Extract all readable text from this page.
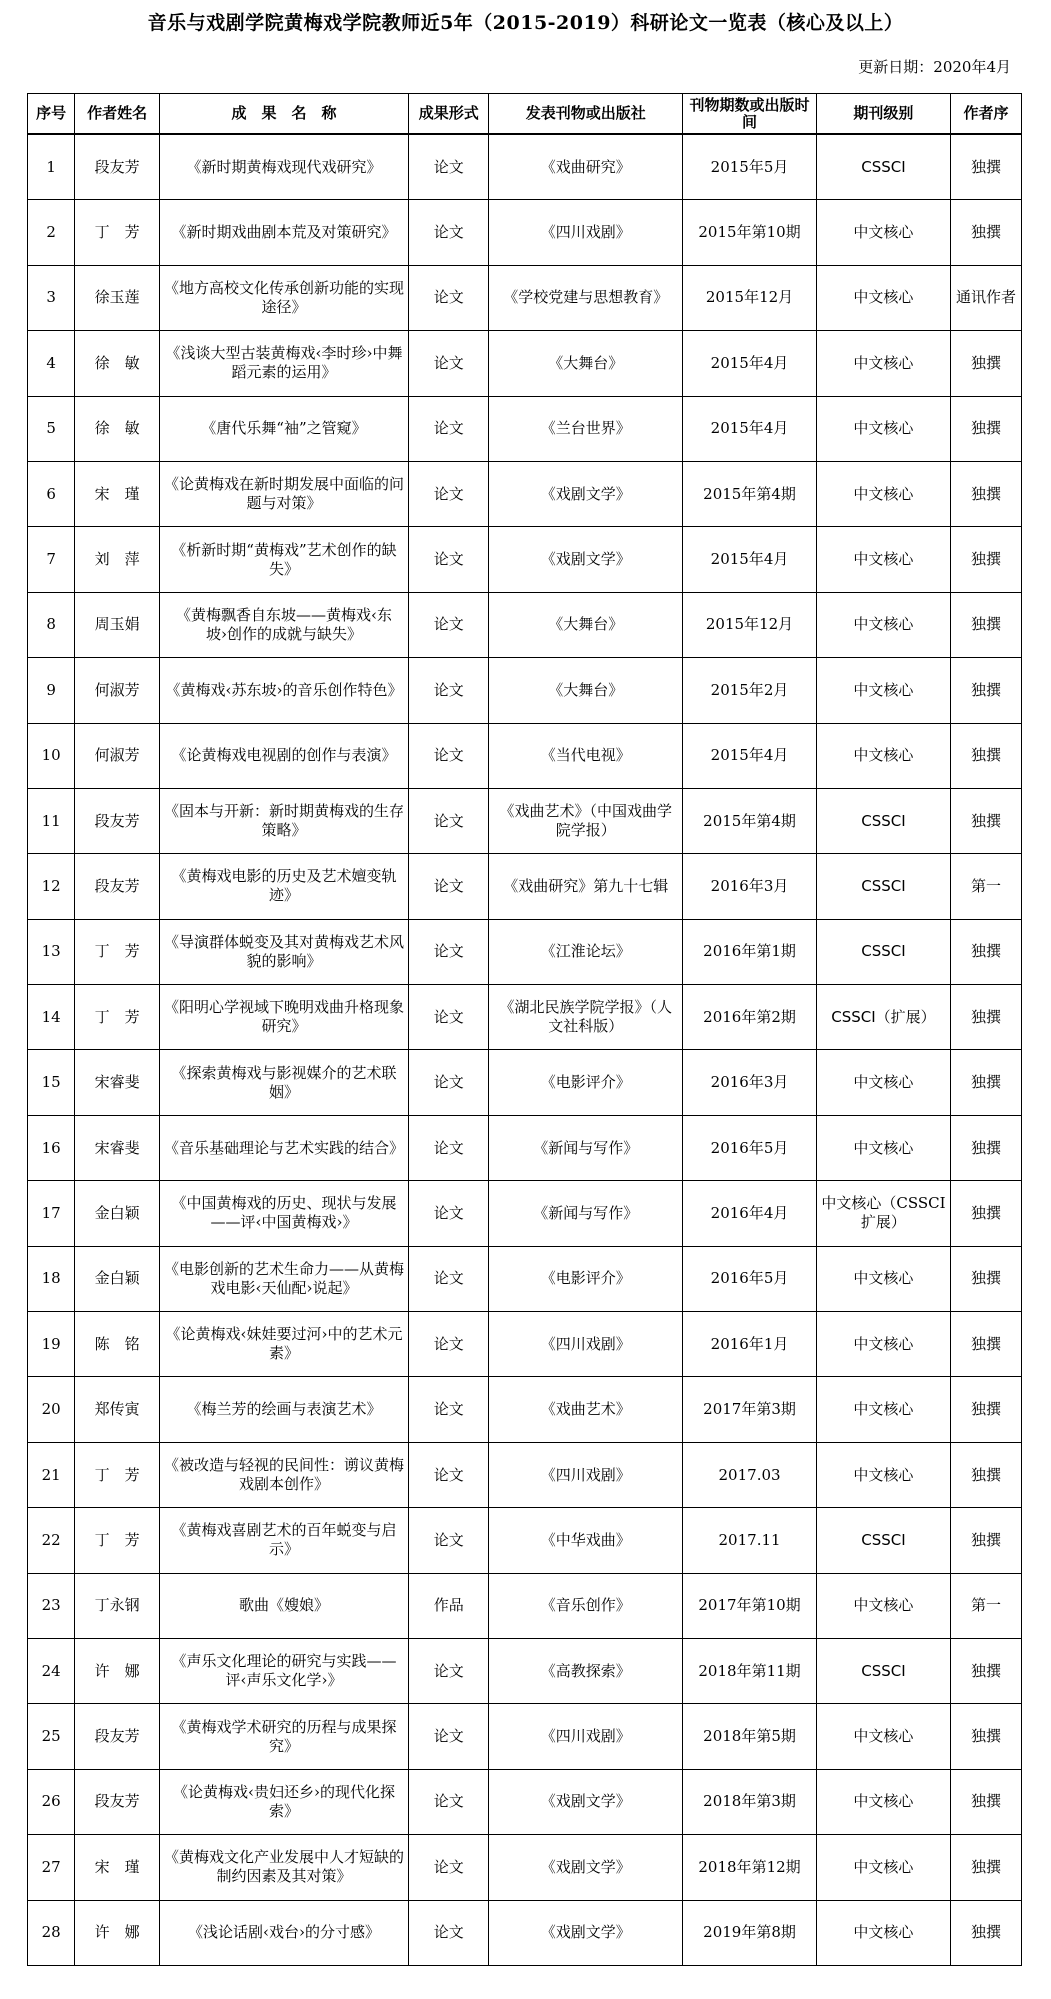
音乐与戏剧学院黄梅戏学院教师近5年（2015-2019）科研论文一览表（核心及以上）
更新日期：2020年4月
序号	作者姓名	成　果　名　称	成果形式	发表刊物或出版社	刊物期数或出版时间	期刊级别	作者序
1	段友芳	《新时期黄梅戏现代戏研究》	论文	《戏曲研究》	2015年5月	CSSCI	独撰
2	丁　芳	《新时期戏曲剧本荒及对策研究》	论文	《四川戏剧》	2015年第10期	中文核心	独撰
3	徐玉莲	《地方高校文化传承创新功能的实现途径》	论文	《学校党建与思想教育》	2015年12月	中文核心	通讯作者
4	徐　敏	《浅谈大型古装黄梅戏‹李时珍›中舞蹈元素的运用》	论文	《大舞台》	2015年4月	中文核心	独撰
5	徐　敏	《唐代乐舞“袖”之管窥》	论文	《兰台世界》	2015年4月	中文核心	独撰
6	宋　瑾	《论黄梅戏在新时期发展中面临的问题与对策》	论文	《戏剧文学》	2015年第4期	中文核心	独撰
7	刘　萍	《析新时期“黄梅戏”艺术创作的缺失》	论文	《戏剧文学》	2015年4月	中文核心	独撰
8	周玉娟	《黄梅飘香自东坡——黄梅戏‹东坡›创作的成就与缺失》	论文	《大舞台》	2015年12月	中文核心	独撰
9	何淑芳	《黄梅戏‹苏东坡›的音乐创作特色》	论文	《大舞台》	2015年2月	中文核心	独撰
10	何淑芳	《论黄梅戏电视剧的创作与表演》	论文	《当代电视》	2015年4月	中文核心	独撰
11	段友芳	《固本与开新：新时期黄梅戏的生存策略》	论文	《戏曲艺术》（中国戏曲学院学报）	2015年第4期	CSSCI	独撰
12	段友芳	《黄梅戏电影的历史及艺术嬗变轨迹》	论文	《戏曲研究》第九十七辑	2016年3月	CSSCI	第一
13	丁　芳	《导演群体蜕变及其对黄梅戏艺术风貌的影响》	论文	《江淮论坛》	2016年第1期	CSSCI	独撰
14	丁　芳	《阳明心学视域下晚明戏曲升格现象研究》	论文	《湖北民族学院学报》（人文社科版）	2016年第2期	CSSCI（扩展）	独撰
15	宋睿斐	《探索黄梅戏与影视媒介的艺术联姻》	论文	《电影评介》	2016年3月	中文核心	独撰
16	宋睿斐	《音乐基础理论与艺术实践的结合》	论文	《新闻与写作》	2016年5月	中文核心	独撰
17	金白颖	《中国黄梅戏的历史、现状与发展——评‹中国黄梅戏›》	论文	《新闻与写作》	2016年4月	中文核心（CSSCI扩展）	独撰
18	金白颖	《电影创新的艺术生命力——从黄梅戏电影‹天仙配›说起》	论文	《电影评介》	2016年5月	中文核心	独撰
19	陈　铭	《论黄梅戏‹妹娃要过河›中的艺术元素》	论文	《四川戏剧》	2016年1月	中文核心	独撰
20	郑传寅	《梅兰芳的绘画与表演艺术》	论文	《戏曲艺术》	2017年第3期	中文核心	独撰
21	丁　芳	《被改造与轻视的民间性：谫议黄梅戏剧本创作》	论文	《四川戏剧》	2017.03	中文核心	独撰
22	丁　芳	《黄梅戏喜剧艺术的百年蜕变与启示》	论文	《中华戏曲》	2017.11	CSSCI	独撰
23	丁永钢	歌曲《嫂娘》	作品	《音乐创作》	2017年第10期	中文核心	第一
24	许　娜	《声乐文化理论的研究与实践——评‹声乐文化学›》	论文	《高教探索》	2018年第11期	CSSCI	独撰
25	段友芳	《黄梅戏学术研究的历程与成果探究》	论文	《四川戏剧》	2018年第5期	中文核心	独撰
26	段友芳	《论黄梅戏‹贵妇还乡›的现代化探索》	论文	《戏剧文学》	2018年第3期	中文核心	独撰
27	宋　瑾	《黄梅戏文化产业发展中人才短缺的制约因素及其对策》	论文	《戏剧文学》	2018年第12期	中文核心	独撰
28	许　娜	《浅论话剧‹戏台›的分寸感》	论文	《戏剧文学》	2019年第8期	中文核心	独撰
